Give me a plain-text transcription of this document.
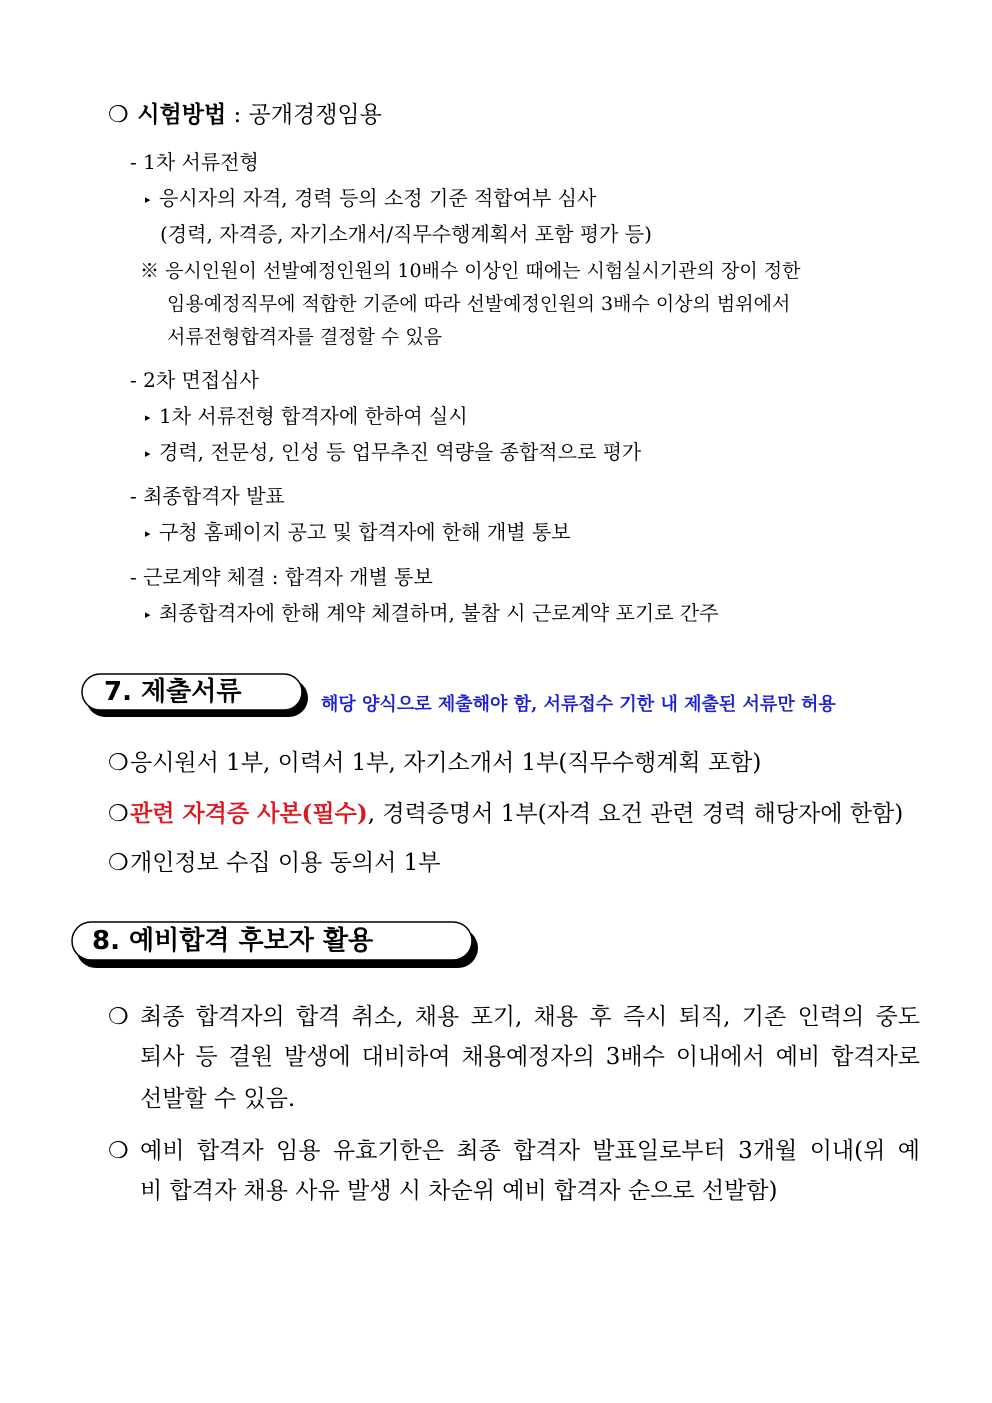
❍ 시험방법 : 공개경쟁임용
- 1차 서류전형
▸ 응시자의 자격, 경력 등의 소정 기준 적합여부 심사
(경력, 자격증, 자기소개서/직무수행계획서 포함 평가 등)
※ 응시인원이 선발예정인원의 10배수 이상인 때에는 시험실시기관의 장이 정한
임용예정직무에 적합한 기준에 따라 선발예정인원의 3배수 이상의 범위에서
서류전형합격자를 결정할 수 있음
- 2차 면접심사
▸ 1차 서류전형 합격자에 한하여 실시
▸ 경력, 전문성, 인성 등 업무추진 역량을 종합적으로 평가
- 최종합격자 발표
▸ 구청 홈페이지 공고 및 합격자에 한해 개별 통보
- 근로계약 체결 : 합격자 개별 통보
▸ 최종합격자에 한해 계약 체결하며, 불참 시 근로계약 포기로 간주
7. 제출서류	해당 양식으로 제출해야 함, 서류접수 기한 내 제출된 서류만 허용
❍응시원서 1부, 이력서 1부, 자기소개서 1부(직무수행계획 포함)
❍관련 자격증 사본(필수), 경력증명서 1부(자격 요건 관련 경력 해당자에 한함)
❍개인정보 수집 이용 동의서 1부
8. 예비합격 후보자 활용
❍ 최종 합격자의 합격 취소, 채용 포기, 채용 후 즉시 퇴직, 기존 인력의 중도
퇴사 등 결원 발생에 대비하여 채용예정자의 3배수 이내에서 예비 합격자로
선발할 수 있음.
❍ 예비 합격자 임용 유효기한은 최종 합격자 발표일로부터 3개월 이내(위 예
비 합격자 채용 사유 발생 시 차순위 예비 합격자 순으로 선발함)
